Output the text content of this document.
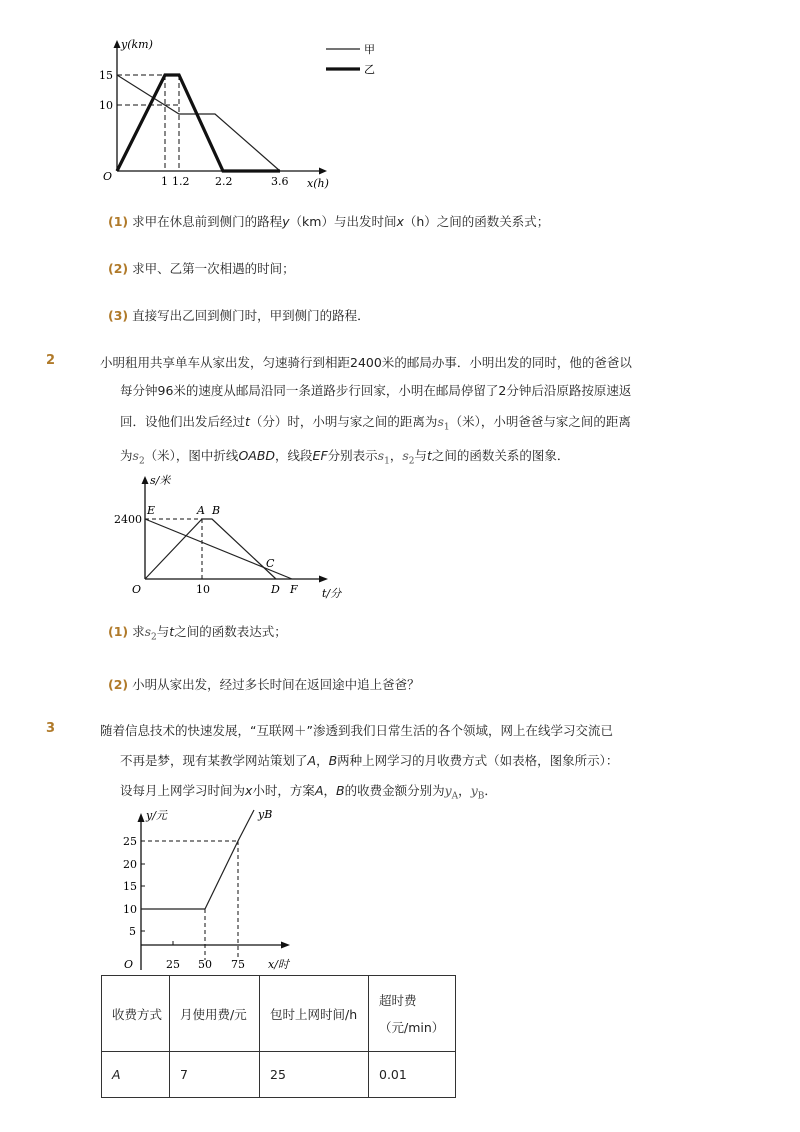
y(km)
x(h)
O
15
10
1 1.2 2.2	3.6
甲
乙
(1) 求甲在休息前到侧门的路程y（km）与出发时间x（h）之间的函数关系式；
(2) 求甲、乙第一次相遇的时间；
(3) 直接写出乙回到侧门时，甲到侧门的路程．
2	小明租用共享单车从家出发，匀速骑行到相距2400米的邮局办事．小明出发的同时，他的爸爸以
每分钟96米的速度从邮局沿同一条道路步行回家，小明在邮局停留了2分钟后沿原路按原速返
回．设他们出发后经过t（分）时，小明与家之间的距离为$s_1$（米），小明爸爸与家之间的距离
为$s_2$（米），图中折线OABD，线段EF分别表示$s_1$，$s_2$与t之间的函数关系的图象．
s/米
t/分
O
2400
10
E	A B
C
D F
(1) 求$s_2$与t之间的函数表达式；
(2) 小明从家出发，经过多长时间在返回途中追上爸爸？
3	随着信息技术的快速发展，“互联网＋”渗透到我们日常生活的各个领域，网上在线学习交流已
不再是梦，现有某教学网站策划了A，B两种上网学习的月收费方式（如表格，图象所示）：
设每月上网学习时间为x小时，方案A，B的收费金额分别为$y_A$，$y_B$．
y/元
x/时
yB
O
25
20
15
10
5
25 50 75
收费方式	月使用费/元	包时上网时间/h	超时费
（元/min）
A	7	25	0.01
